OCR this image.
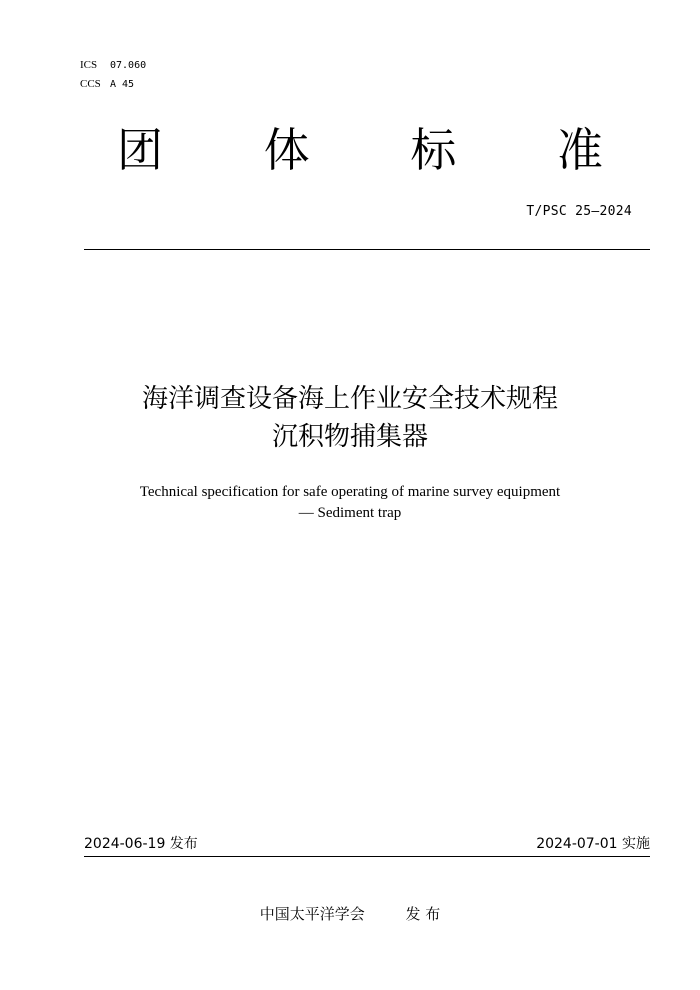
ICS	07.060
CCS A 45
团 体 标 准
T/PSC 25—2024
海洋调查设备海上作业安全技术规程
沉积物捕集器
Technical specification for safe operating of marine survey equipment
— Sediment trap
2024-06-19 发布	2024-07-01 实施
中国太平洋学会	发 布
